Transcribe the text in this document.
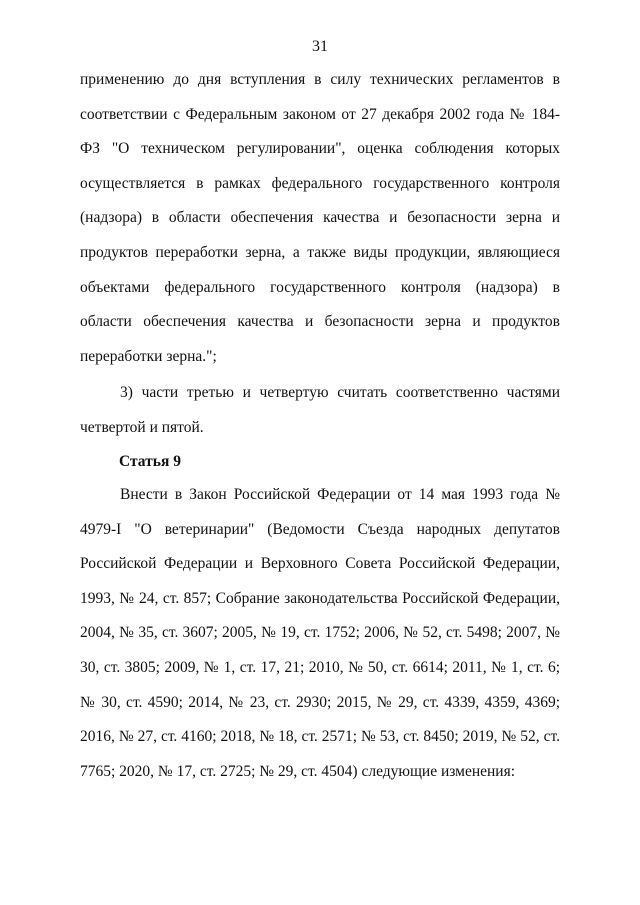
31

применению до дня вступления в силу технических регламентов в соответствии с Федеральным законом от 27 декабря 2002 года № 184-ФЗ "О техническом регулировании", оценка соблюдения которых осуществляется в рамках федерального государственного контроля (надзора) в области обеспечения качества и безопасности зерна и продуктов переработки зерна, а также виды продукции, являющиеся объектами федерального государственного контроля (надзора) в области обеспечения качества и безопасности зерна и продуктов переработки зерна.";

3) части третью и четвертую считать соответственно частями четвертой и пятой.

Статья 9

Внести в Закон Российской Федерации от 14 мая 1993 года № 4979-I "О ветеринарии" (Ведомости Съезда народных депутатов Российской Федерации и Верховного Совета Российской Федерации, 1993, № 24, ст. 857; Собрание законодательства Российской Федерации, 2004, № 35, ст. 3607; 2005, № 19, ст. 1752; 2006, № 52, ст. 5498; 2007, № 30, ст. 3805; 2009, № 1, ст. 17, 21; 2010, № 50, ст. 6614; 2011, № 1, ст. 6; № 30, ст. 4590; 2014, № 23, ст. 2930; 2015, № 29, ст. 4339, 4359, 4369; 2016, № 27, ст. 4160; 2018, № 18, ст. 2571; № 53, ст. 8450; 2019, № 52, ст. 7765; 2020, № 17, ст. 2725; № 29, ст. 4504) следующие изменения:
